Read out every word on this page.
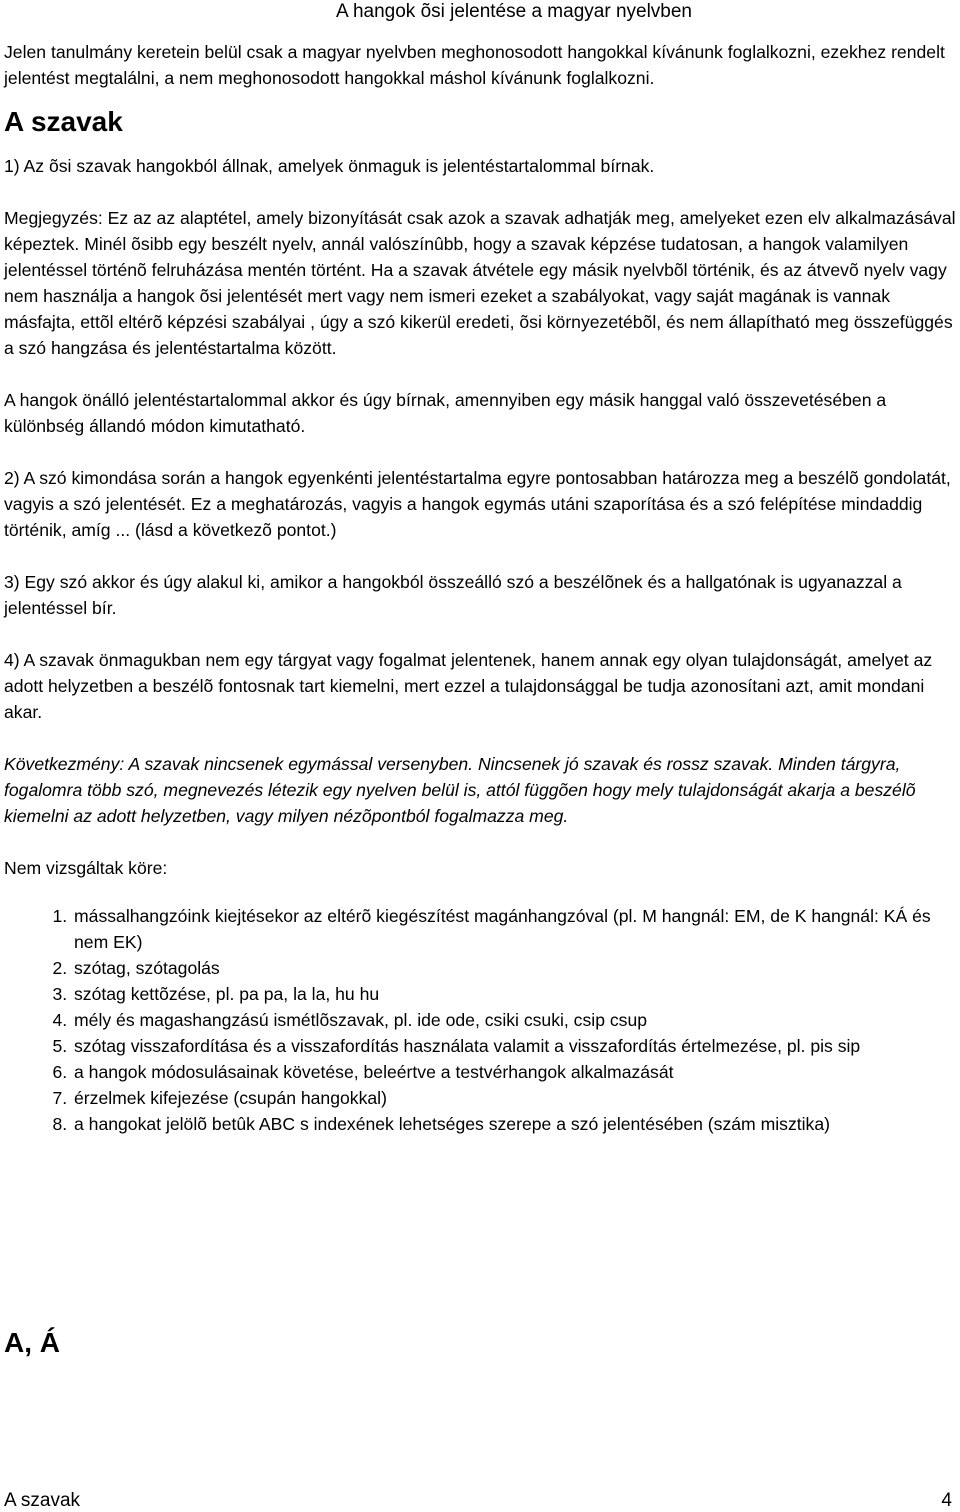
A hangok õsi jelentése a magyar nyelvben

Jelen tanulmány keretein belül csak a magyar nyelvben meghonosodott hangokkal kívánunk foglalkozni, ezekhez rendelt jelentést megtalálni, a nem meghonosodott hangokkal máshol kívánunk foglalkozni.

A szavak

1) Az õsi szavak hangokból állnak, amelyek önmaguk is jelentéstartalommal bírnak.

Megjegyzés: Ez az az alaptétel, amely bizonyítását csak azok a szavak adhatják meg, amelyeket ezen elv alkalmazásával képeztek. Minél õsibb egy beszélt nyelv, annál valószínûbb, hogy a szavak képzése tudatosan, a hangok valamilyen jelentéssel történõ felruházása mentén történt. Ha a szavak átvétele egy másik nyelvbõl történik, és az átvevõ nyelv vagy nem használja a hangok õsi jelentését mert vagy nem ismeri ezeket a szabályokat, vagy saját magának is vannak másfajta, ettõl eltérõ képzési szabályai , úgy a szó kikerül eredeti, õsi környezetébõl, és nem állapítható meg összefüggés a szó hangzása és jelentéstartalma között.

A hangok önálló jelentéstartalommal akkor és úgy bírnak, amennyiben egy másik hanggal való összevetésében a különbség állandó módon kimutatható.

2) A szó kimondása során a hangok egyenkénti jelentéstartalma egyre pontosabban határozza meg a beszélõ gondolatát, vagyis a szó jelentését. Ez a meghatározás, vagyis a hangok egymás utáni szaporítása és a szó felépítése mindaddig történik, amíg ... (lásd a következõ pontot.)

3) Egy szó akkor és úgy alakul ki, amikor a hangokból összeálló szó a beszélõnek és a hallgatónak is ugyanazzal a jelentéssel bír.

4) A szavak önmagukban nem egy tárgyat vagy fogalmat jelentenek, hanem annak egy olyan tulajdonságát, amelyet az adott helyzetben a beszélõ fontosnak tart kiemelni, mert ezzel a tulajdonsággal be tudja azonosítani azt, amit mondani akar.

Következmény: A szavak nincsenek egymással versenyben. Nincsenek jó szavak és rossz szavak. Minden tárgyra, fogalomra több szó, megnevezés létezik egy nyelven belül is, attól függõen hogy mely tulajdonságát akarja a beszélõ kiemelni az adott helyzetben, vagy milyen nézõpontból fogalmazza meg.

Nem vizsgáltak köre:

1. mássalhangzóink kiejtésekor az eltérõ kiegészítést magánhangzóval (pl. M hangnál: EM, de K hangnál: KÁ és nem EK)
2. szótag, szótagolás
3. szótag kettõzése, pl. pa pa, la la, hu hu
4. mély és magashangzású ismétlõszavak, pl. ide ode, csiki csuki, csip csup
5. szótag visszafordítása és a visszafordítás használata valamit a visszafordítás értelmezése, pl. pis sip
6. a hangok módosulásainak követése, beleértve a testvérhangok alkalmazását
7. érzelmek kifejezése (csupán hangokkal)
8. a hangokat jelölõ betûk ABC s indexének lehetséges szerepe a szó jelentésében (szám misztika)
A, Á
A szavak	4
